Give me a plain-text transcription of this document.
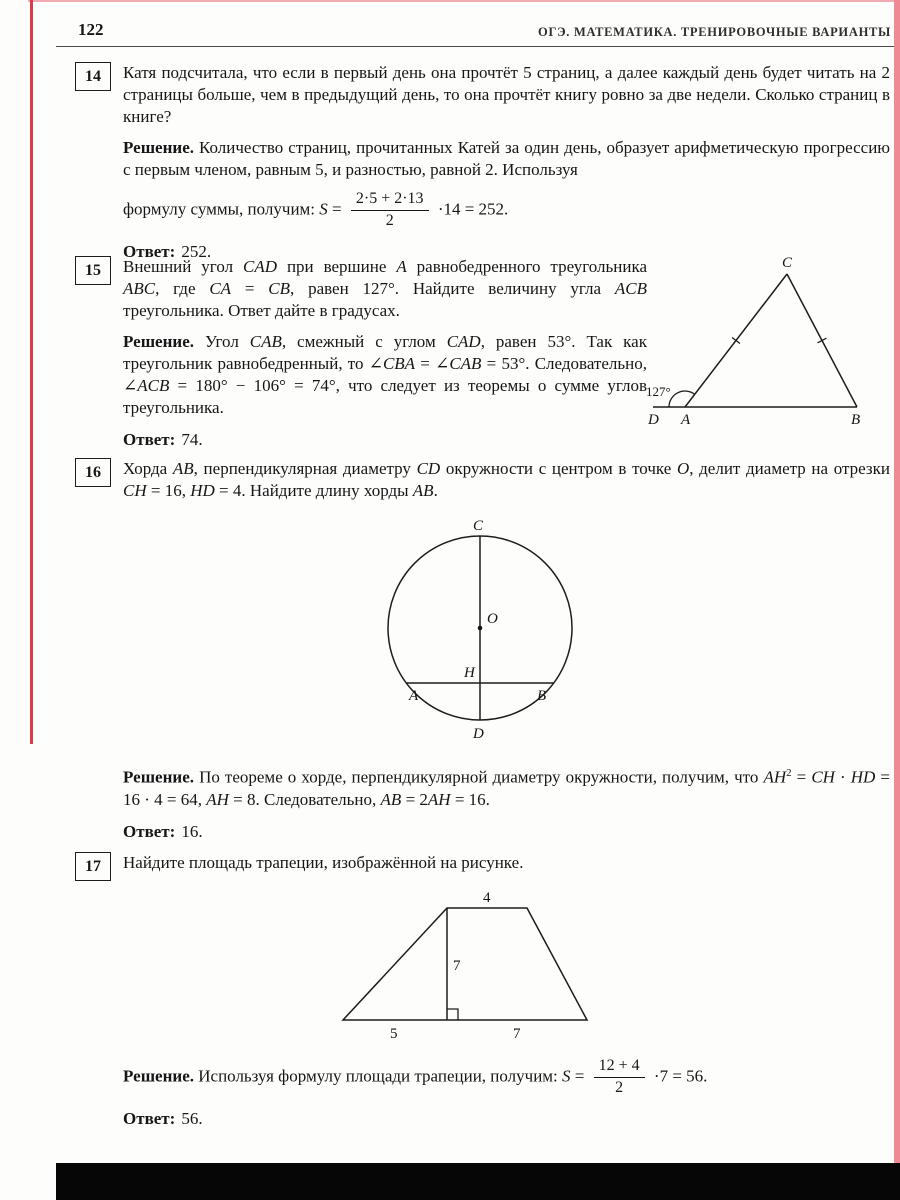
122	ОГЭ. МАТЕМАТИКА. ТРЕНИРОВОЧНЫЕ ВАРИАНТЫ
14	Катя подсчитала, что если в первый день она прочтёт 5 страниц, а далее каждый день будет читать на 2 страницы больше, чем в предыдущий день, то она прочтёт книгу ровно за две недели. Сколько страниц в книге?

Решение. Количество страниц, прочитанных Катей за один день, образует арифметическую прогрессию с первым членом, равным 5, и разностью, равной 2. Используя

формулу суммы, получим: $S = \frac{2\cdot 5 + 2\cdot 13}{2} \cdot 14 = 252$.

Ответ: 252.

15	C
D A	B
127°

Внешний угол CAD при вершине A равнобедренного треугольника ABC, где CA = CB, равен 127°. Найдите величину угла ACB треугольника. Ответ дайте в градусах.

Решение. Угол CAB, смежный с углом CAD, равен 53°. Так как треугольник равнобедренный, то ∠CBA = ∠CAB = 53°. Следовательно, ∠ACB = 180° − 106° = 74°, что следует из теоремы о сумме углов треугольника.

Ответ: 74.

16	Хорда AB, перпендикулярная диаметру CD окружности с центром в точке O, делит диаметр на отрезки CH = 16, HD = 4. Найдите длину хорды AB.

C
O
H
A	B
D

Решение. По теореме о хорде, перпендикулярной диаметру окружности, получим, что $AH^2$ = CH · HD = 16 · 4 = 64, AH = 8. Следовательно, AB = 2AH = 16.

Ответ: 16.

17	Найдите площадь трапеции, изображённой на рисунке.

4
7
5	7
Решение. Используя формулу площади трапеции, получим: $S = \frac{12 + 4}{2} \cdot 7 = 56$.

Ответ: 56.
